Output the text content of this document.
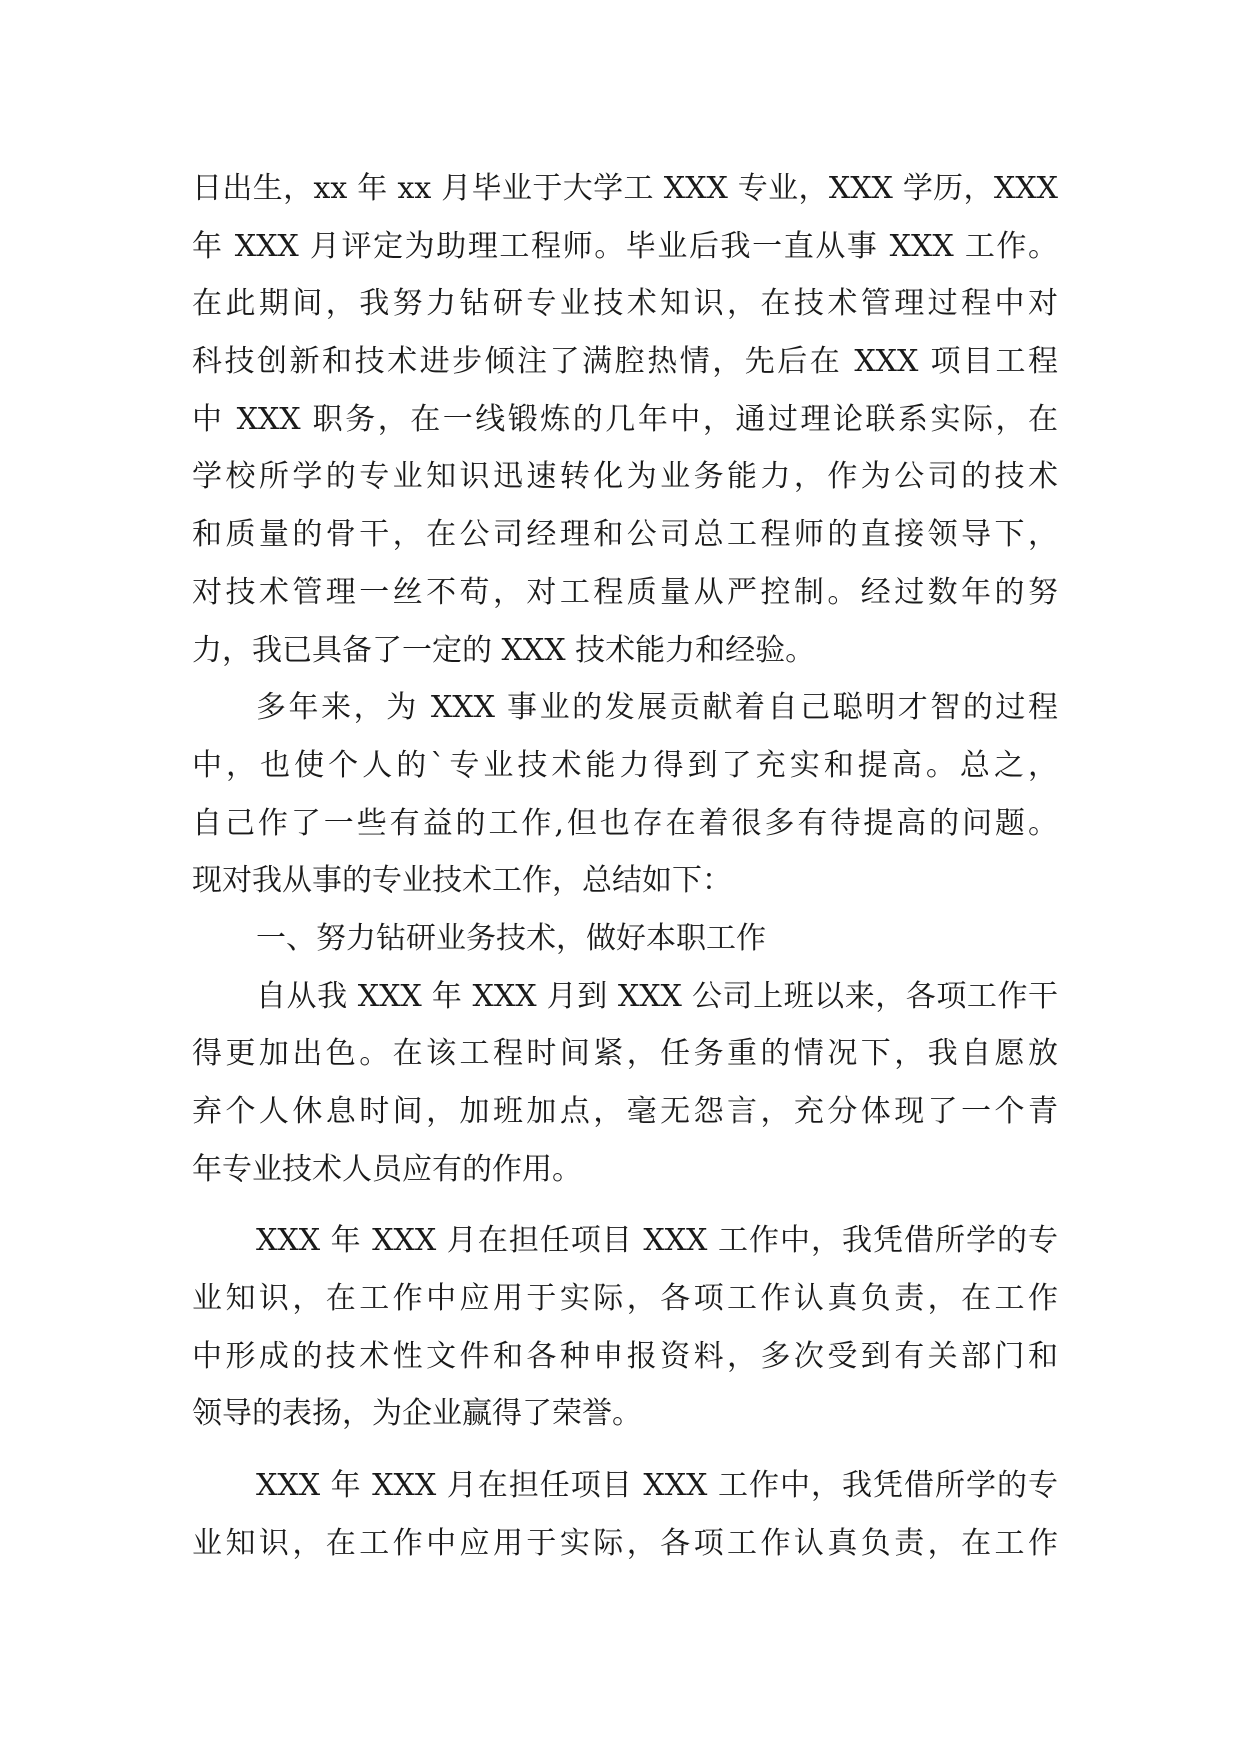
日出生，xx 年 xx 月毕业于大学工 XXX 专业，XXX 学历，XXX
年 XXX 月评定为助理工程师。毕业后我一直从事 XXX 工作。
在此期间，我努力钻研专业技术知识，在技术管理过程中对
科技创新和技术进步倾注了满腔热情，先后在 XXX 项目工程
中 XXX 职务，在一线锻炼的几年中，通过理论联系实际，在
学校所学的专业知识迅速转化为业务能力，作为公司的技术
和质量的骨干，在公司经理和公司总工程师的直接领导下，
对技术管理一丝不苟，对工程质量从严控制。经过数年的努
力，我已具备了一定的 XXX 技术能力和经验。
多年来，为 XXX 事业的发展贡献着自己聪明才智的过程
中，也使个人的`专业技术能力得到了充实和提高。总之，
自己作了一些有益的工作,但也存在着很多有待提高的问题。
现对我从事的专业技术工作，总结如下：
一、努力钻研业务技术，做好本职工作
自从我 XXX 年 XXX 月到 XXX 公司上班以来，各项工作干
得更加出色。在该工程时间紧，任务重的情况下，我自愿放
弃个人休息时间，加班加点，毫无怨言，充分体现了一个青
年专业技术人员应有的作用。
XXX 年 XXX 月在担任项目 XXX 工作中，我凭借所学的专
业知识，在工作中应用于实际，各项工作认真负责，在工作
中形成的技术性文件和各种申报资料，多次受到有关部门和
领导的表扬，为企业赢得了荣誉。
XXX 年 XXX 月在担任项目 XXX 工作中，我凭借所学的专
业知识，在工作中应用于实际，各项工作认真负责，在工作
